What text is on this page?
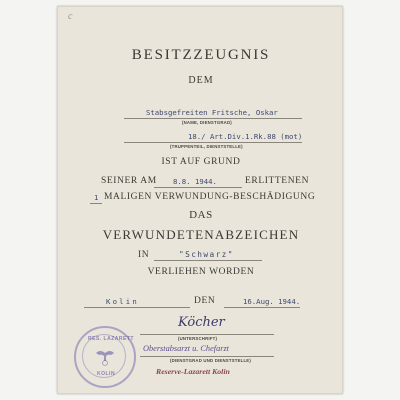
c
BESITZZEUGNIS
DEM
Stabsgefreiten Fritsche, Oskar
(NAME, DIENSTGRAD)
18./ Art.Div.1.Rk.88 (mot)
(TRUPPENTEIL, DIENSTSTELLE)
IST AUF GRUND
SEINER AM 8.8. 1944.	ERLITTENEN
1 MALIGEN VERWUNDUNG-BESCHÄDIGUNG
DAS
VERWUNDETENABZEICHEN
IN	"Schwarz"
VERLIEHEN WORDEN
Kolin	DEN	16.Aug. 1944.
RES. LAZARETT
KOLIN
Köcher
(UNTERSCHRIFT)
Oberstabsarzt u. Chefarzt
(DIENSTGRAD UND DIENSTSTELLE)
Reserve-Lazarett Kolin
